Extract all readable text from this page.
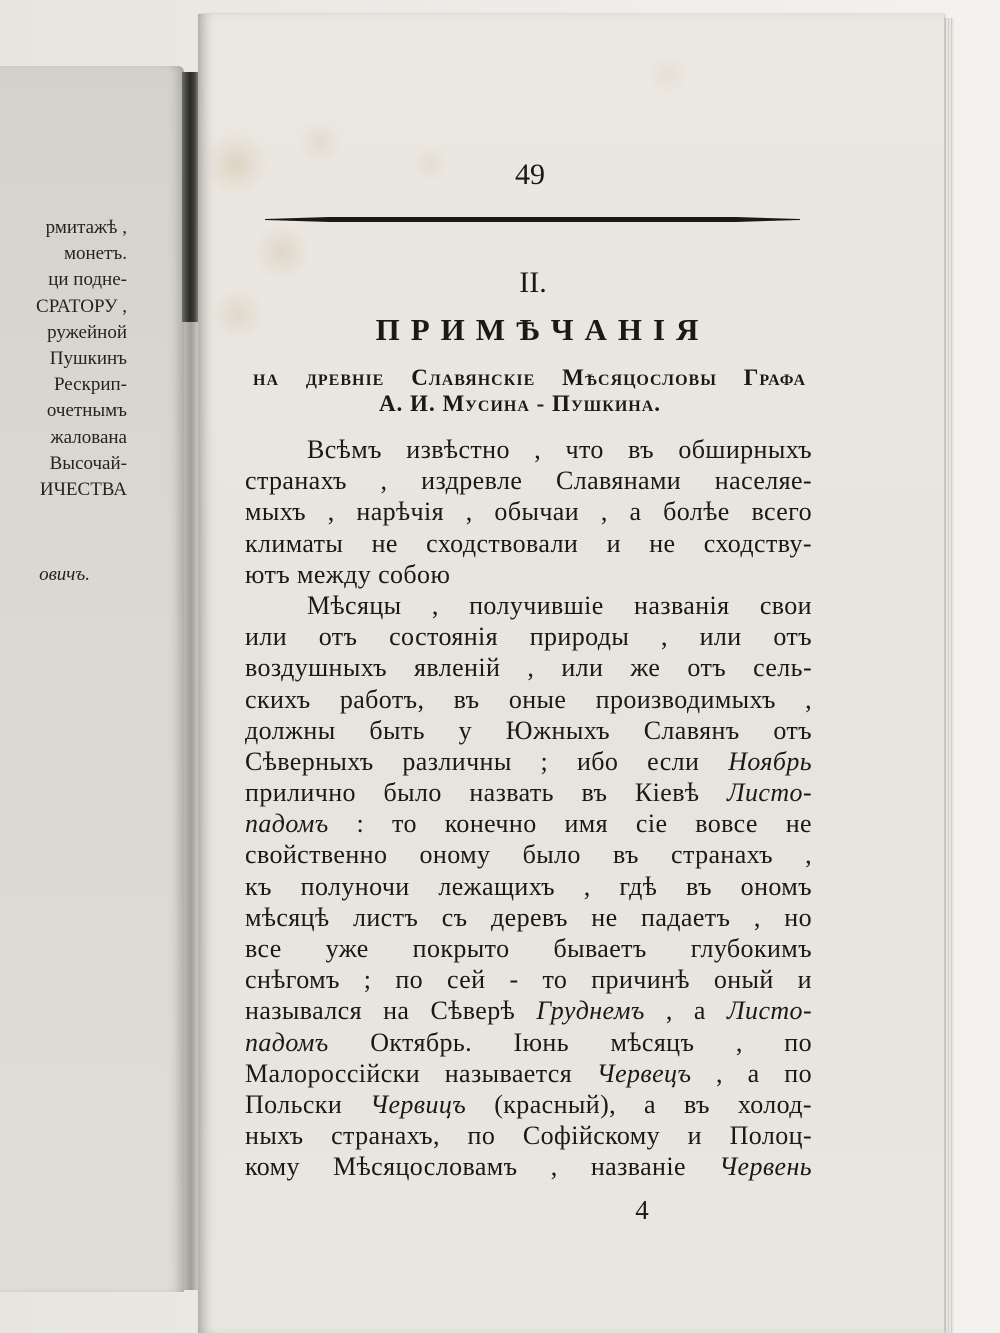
рмитажѣ ,
монетъ.
ци подне-
СРАТОРУ ,
ружейной
Пушкинъ
Рескрип-
очетнымъ
жалована
Высочай-
ИЧЕСТВА
овичъ.
49
II.
ПРИМѢЧАНІЯ
на древніе Славянскіе Мѣсяцословы Графа
А. И. Мусина - Пушкина.
Всѣмъ извѣстно , что въ обширныхъ
странахъ , издревле Славянами населяе-
мыхъ , нарѣчія , обычаи , а болѣе всего
климаты не сходствовали и не сходству-
ютъ между собою
Мѣсяцы , получившіе названія свои
или отъ состоянія природы , или отъ
воздушныхъ явленій , или же отъ сель-
скихъ работъ, въ оные производимыхъ ,
должны быть у Южныхъ Славянъ отъ
Сѣверныхъ различны ; ибо если Ноябрь
прилично было назвать въ Кіевѣ Листо-
падомъ : то конечно имя сіе вовсе не
свойственно оному было въ странахъ ,
къ полуночи лежащихъ , гдѣ въ ономъ
мѣсяцѣ листъ съ деревъ не падаетъ , но
все уже покрыто бываетъ глубокимъ
снѣгомъ ; по сей - то причинѣ оный и
назывался на Сѣверѣ Груднемъ , а Листо-
падомъ Октябрь. Іюнь мѣсяцъ , по
Малороссійски называется Червецъ , а по
Польски Червицъ (красный), а въ холод-
ныхъ странахъ, по Софійскому и Полоц-
кому Мѣсяцословамъ , названіе Червень
4
